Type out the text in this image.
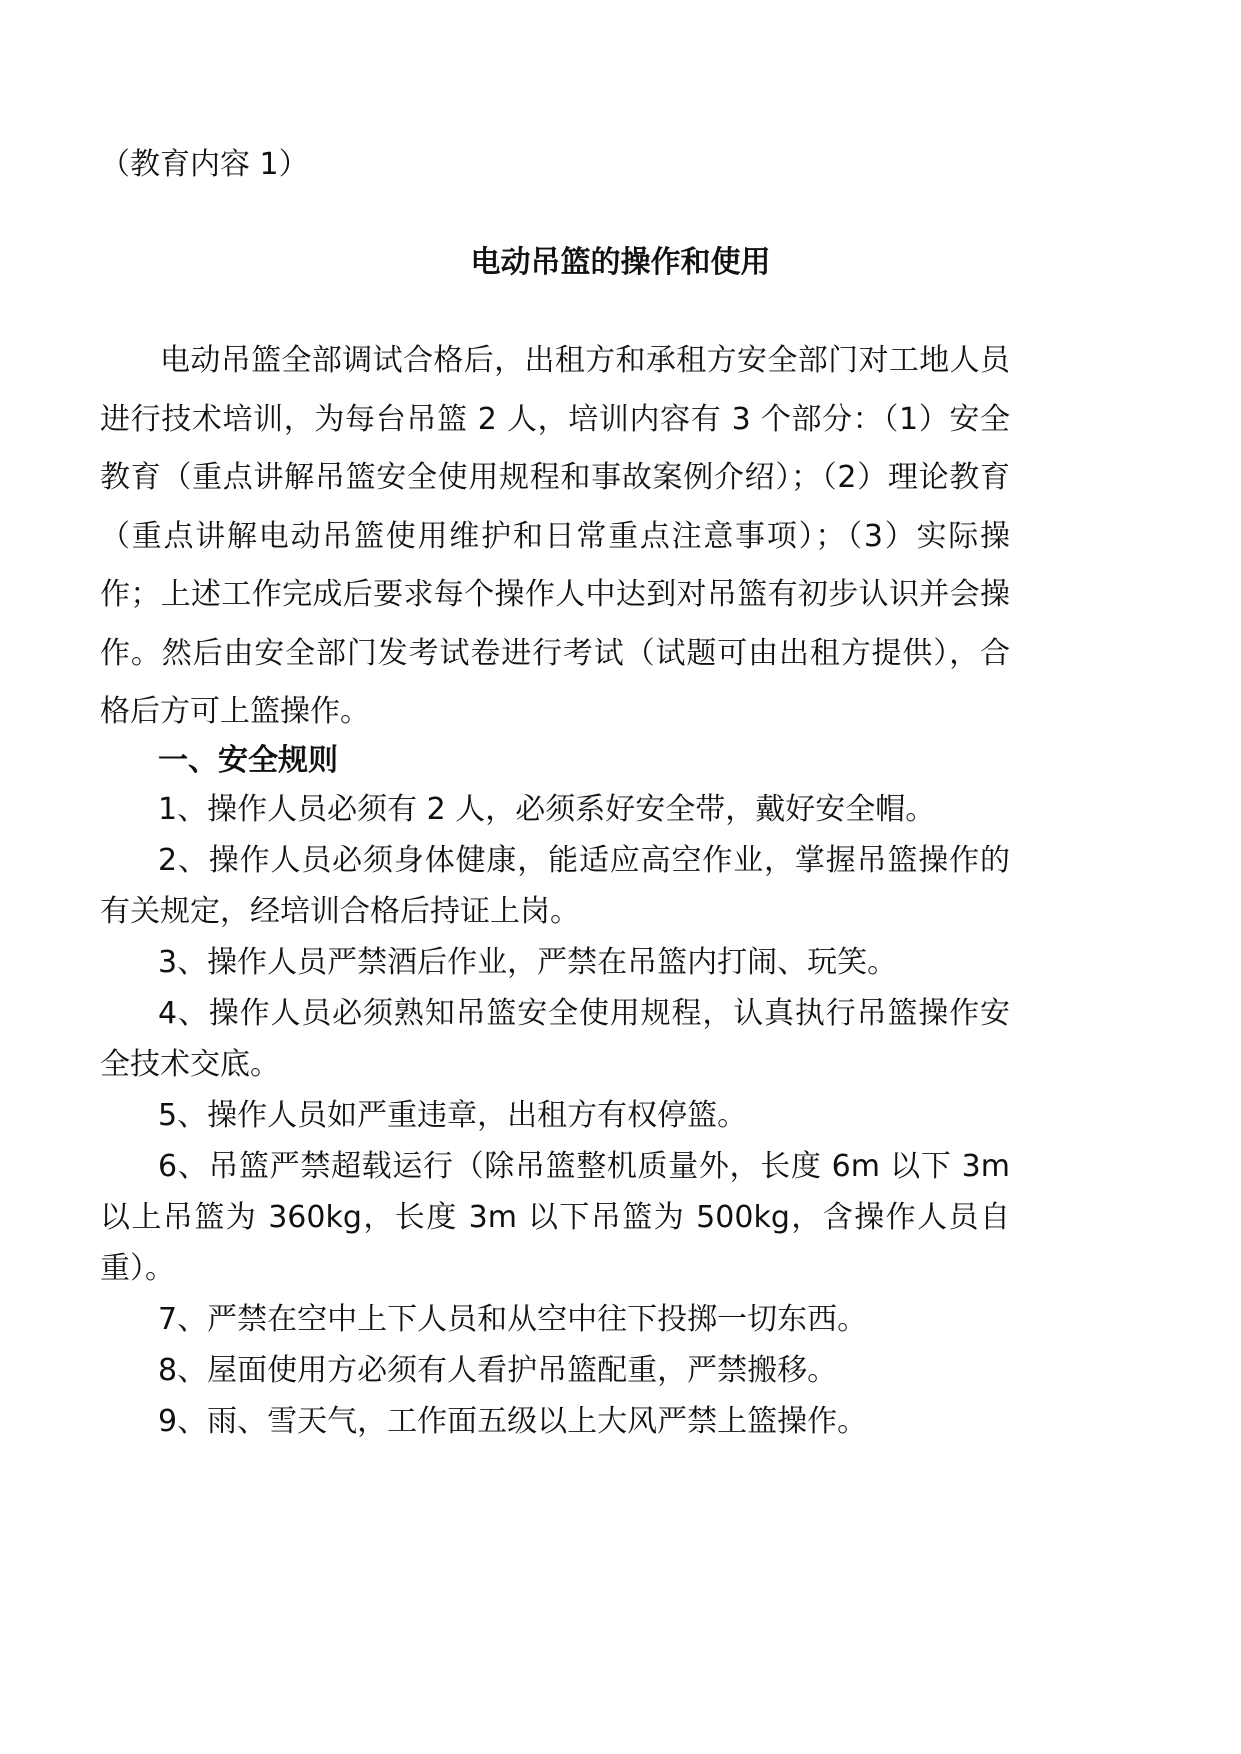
（教育内容 1）
电动吊篮的操作和使用

电动吊篮全部调试合格后，出租方和承租方安全部门对工地人员进行技术培训，为每台吊篮 2 人，培训内容有 3 个部分：（1）安全教育（重点讲解吊篮安全使用规程和事故案例介绍）；（2）理论教育（重点讲解电动吊篮使用维护和日常重点注意事项）；（3）实际操作；上述工作完成后要求每个操作人中达到对吊篮有初步认识并会操作。然后由安全部门发考试卷进行考试（试题可由出租方提供），合格后方可上篮操作。

一、安全规则
1、操作人员必须有 2 人，必须系好安全带，戴好安全帽。
2、操作人员必须身体健康，能适应高空作业，掌握吊篮操作的有关规定，经培训合格后持证上岗。
3、操作人员严禁酒后作业，严禁在吊篮内打闹、玩笑。
4、操作人员必须熟知吊篮安全使用规程，认真执行吊篮操作安全技术交底。
5、操作人员如严重违章，出租方有权停篮。
6、吊篮严禁超载运行（除吊篮整机质量外，长度 6m 以下 3m 以上吊篮为 360kg，长度 3m 以下吊篮为 500kg，含操作人员自重）。
7、严禁在空中上下人员和从空中往下投掷一切东西。
8、屋面使用方必须有人看护吊篮配重，严禁搬移。
9、雨、雪天气，工作面五级以上大风严禁上篮操作。
